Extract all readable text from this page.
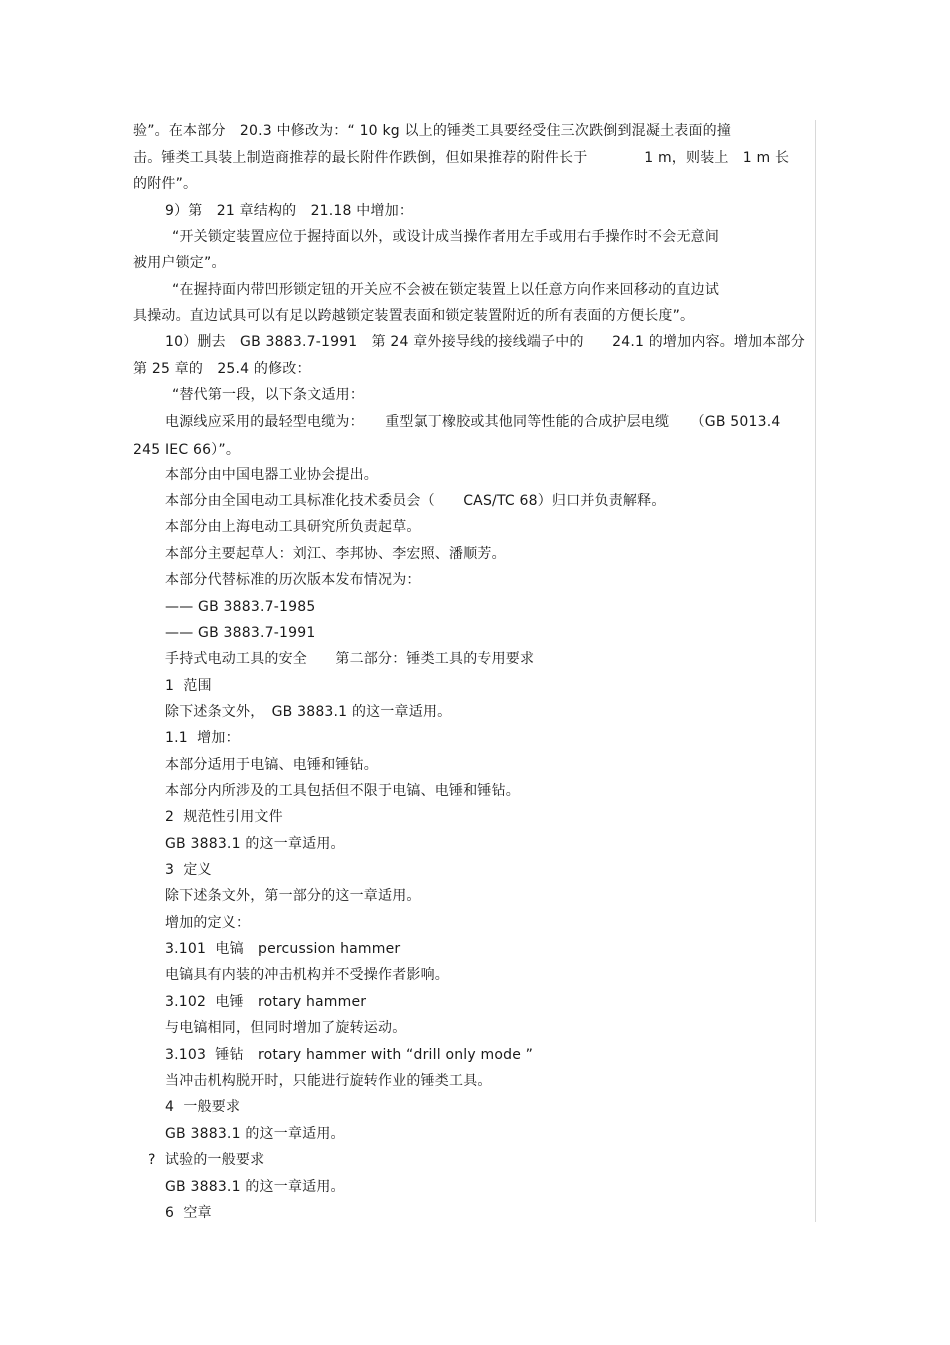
验”。在本部分　20.3 中修改为：“ 10 kg 以上的锤类工具要经受住三次跌倒到混凝土表面的撞
击。锤类工具装上制造商推荐的最长附件作跌倒，但如果推荐的附件长于　　　　1 m，则装上　1 m 长
的附件”。
9）第　21 章结构的　21.18 中增加：
“开关锁定装置应位于握持面以外，或设计成当操作者用左手或用右手操作时不会无意间
被用户锁定”。
“在握持面内带凹形锁定钮的开关应不会被在锁定装置上以任意方向作来回移动的直边试
具操动。直边试具可以有足以跨越锁定装置表面和锁定装置附近的所有表面的方便长度”。
10）删去　GB 3883.7-1991　第 24 章外接导线的接线端子中的　　24.1 的增加内容。增加本部分
第 25 章的　25.4 的修改：
“替代第一段，以下条文适用：
电源线应采用的最轻型电缆为：　　重型氯丁橡胶或其他同等性能的合成护层电缆　　（GB 5013.4
245 IEC 66）”。
本部分由中国电器工业协会提出。
本部分由全国电动工具标准化技术委员会（　　CAS/TC 68）归口并负责解释。
本部分由上海电动工具研究所负责起草。
本部分主要起草人：刘江、李邦协、李宏照、潘顺芳。
本部分代替标准的历次版本发布情况为：
—— GB 3883.7-1985
—— GB 3883.7-1991
手持式电动工具的安全　　第二部分：锤类工具的专用要求
1  范围
除下述条文外，　GB 3883.1 的这一章适用。
1.1  增加：
本部分适用于电镐、电锤和锤钻。
本部分内所涉及的工具包括但不限于电镐、电锤和锤钻。
2  规范性引用文件
GB 3883.1 的这一章适用。
3  定义
除下述条文外，第一部分的这一章适用。
增加的定义：
3.101  电镐　percussion hammer
电镐具有内装的冲击机构并不受操作者影响。
3.102  电锤　rotary hammer
与电镐相同，但同时增加了旋转运动。
3.103  锤钻　rotary hammer with “drill only mode ”
当冲击机构脱开时，只能进行旋转作业的锤类工具。
4  一般要求
GB 3883.1 的这一章适用。
?  试验的一般要求
GB 3883.1 的这一章适用。
6  空章
